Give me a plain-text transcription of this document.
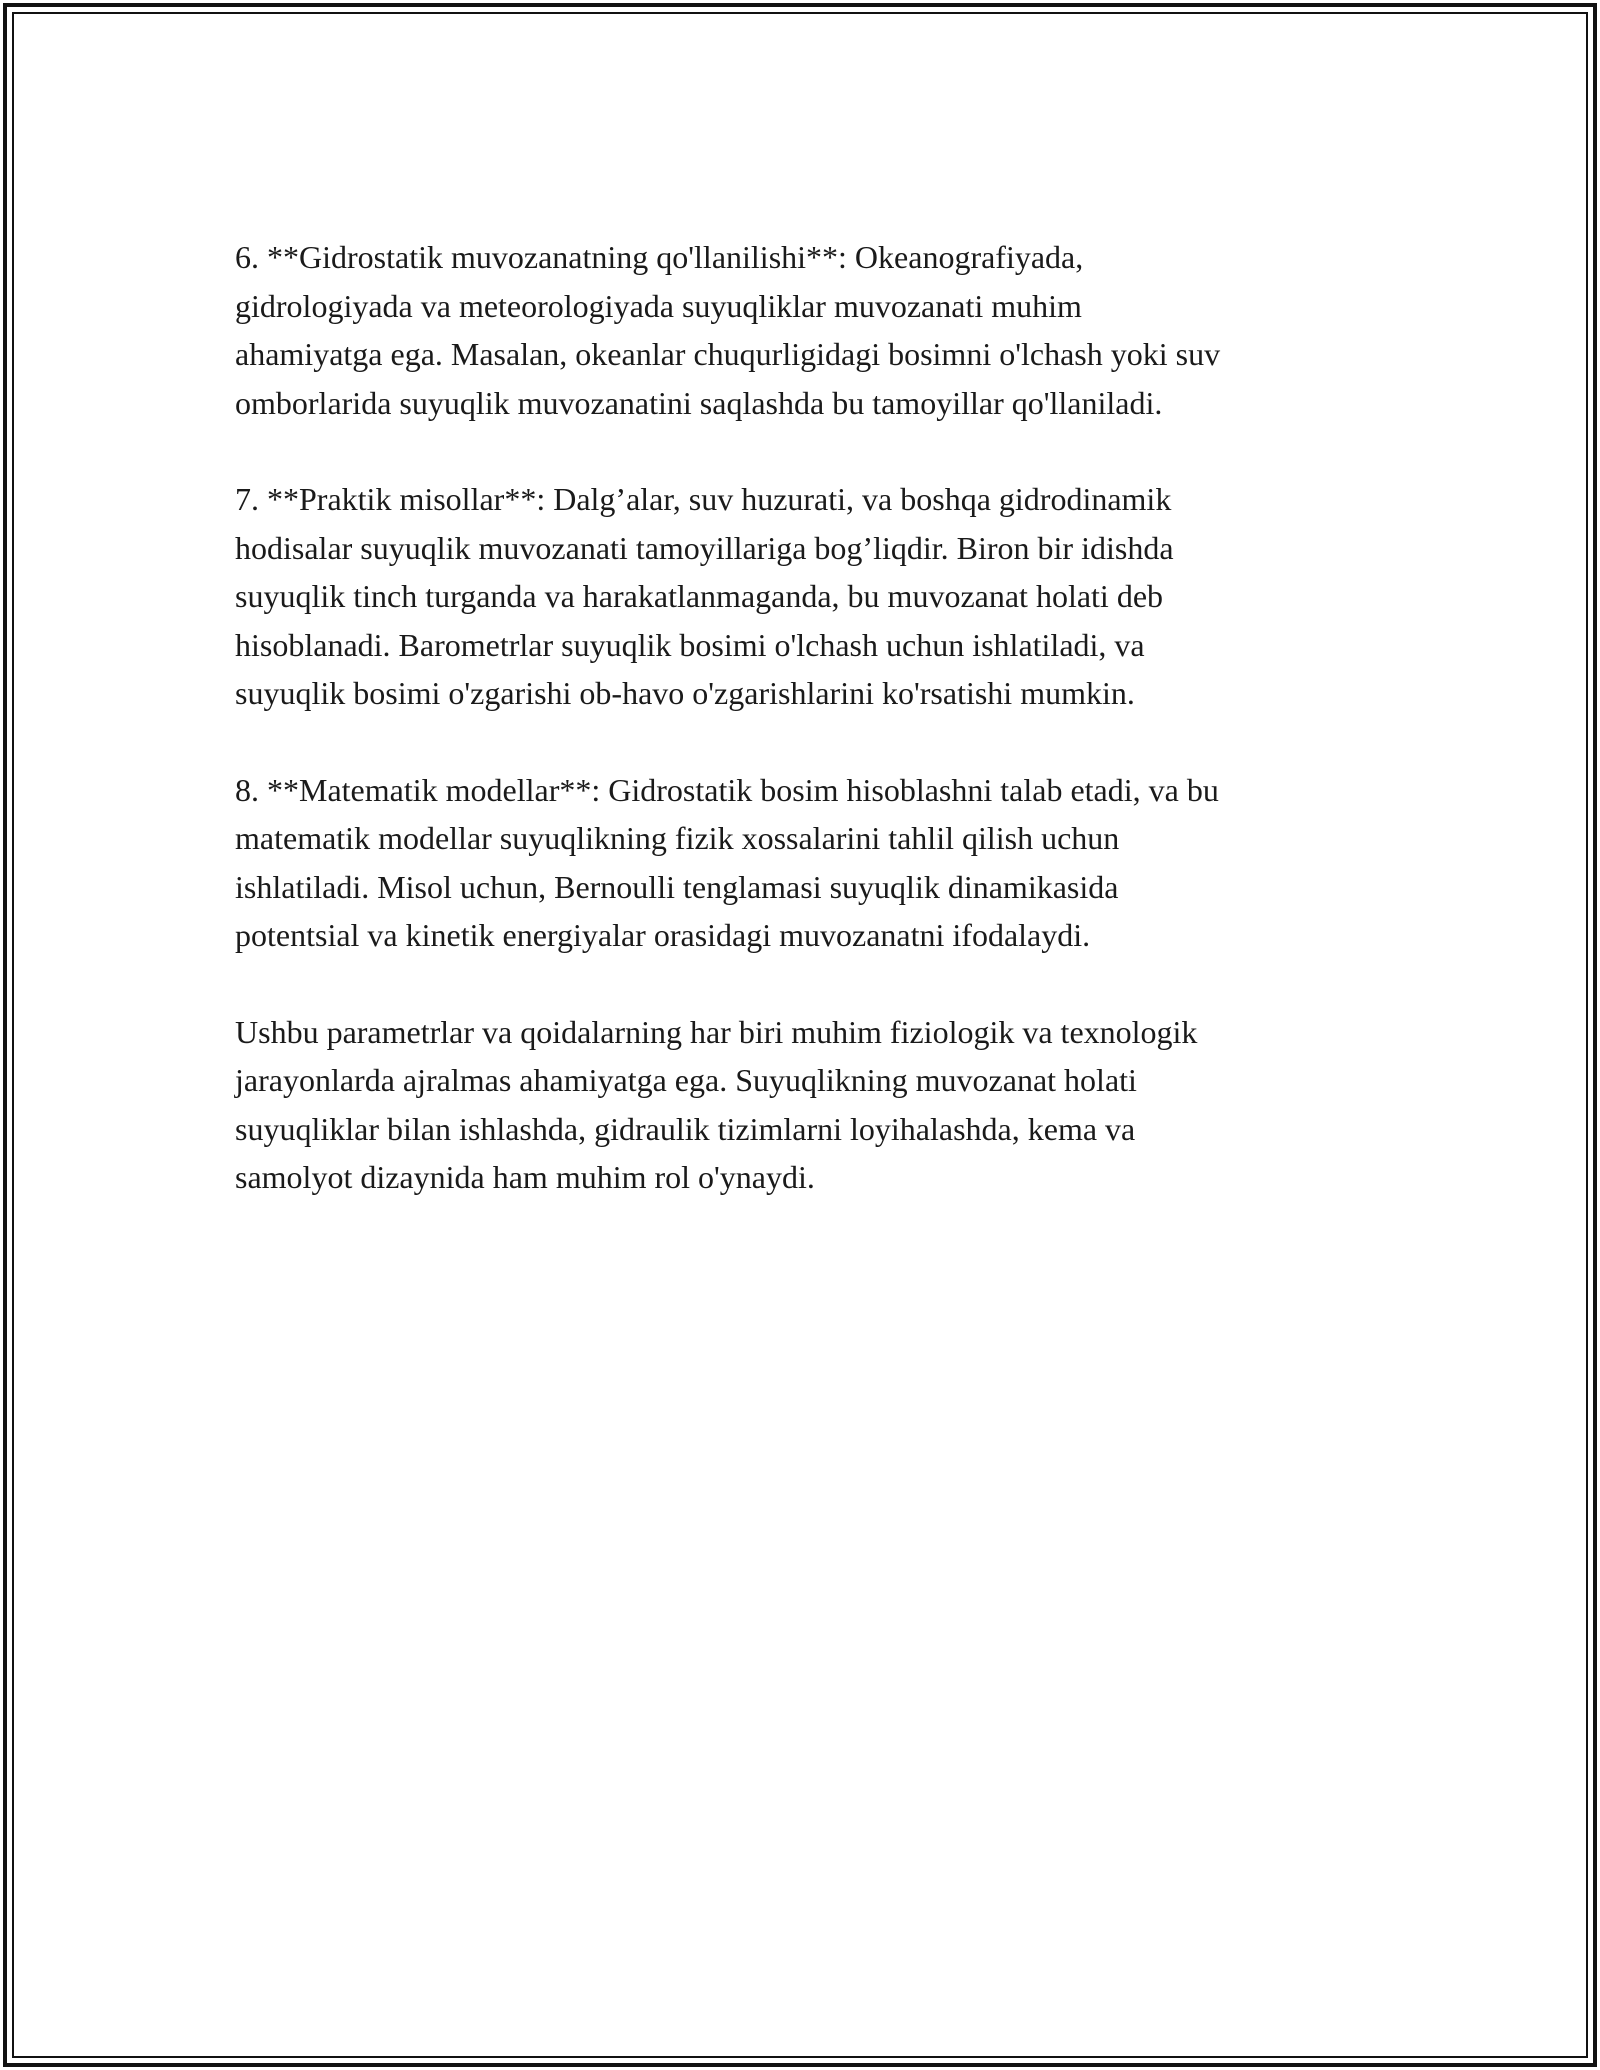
6. **Gidrostatik muvozanatning qo'llanilishi**: Okeanografiyada,
gidrologiyada va meteorologiyada suyuqliklar muvozanati muhim
ahamiyatga ega. Masalan, okeanlar chuqurligidagi bosimni o'lchash yoki suv
omborlarida suyuqlik muvozanatini saqlashda bu tamoyillar qo'llaniladi.

7. **Praktik misollar**: Dalg’alar, suv huzurati, va boshqa gidrodinamik
hodisalar suyuqlik muvozanati tamoyillariga bog’liqdir. Biron bir idishda
suyuqlik tinch turganda va harakatlanmaganda, bu muvozanat holati deb
hisoblanadi. Barometrlar suyuqlik bosimi o'lchash uchun ishlatiladi, va
suyuqlik bosimi o'zgarishi ob-havo o'zgarishlarini ko'rsatishi mumkin.

8. **Matematik modellar**: Gidrostatik bosim hisoblashni talab etadi, va bu
matematik modellar suyuqlikning fizik xossalarini tahlil qilish uchun
ishlatiladi. Misol uchun, Bernoulli tenglamasi suyuqlik dinamikasida
potentsial va kinetik energiyalar orasidagi muvozanatni ifodalaydi.

Ushbu parametrlar va qoidalarning har biri muhim fiziologik va texnologik
jarayonlarda ajralmas ahamiyatga ega. Suyuqlikning muvozanat holati
suyuqliklar bilan ishlashda, gidraulik tizimlarni loyihalashda, kema va
samolyot dizaynida ham muhim rol o'ynaydi.
